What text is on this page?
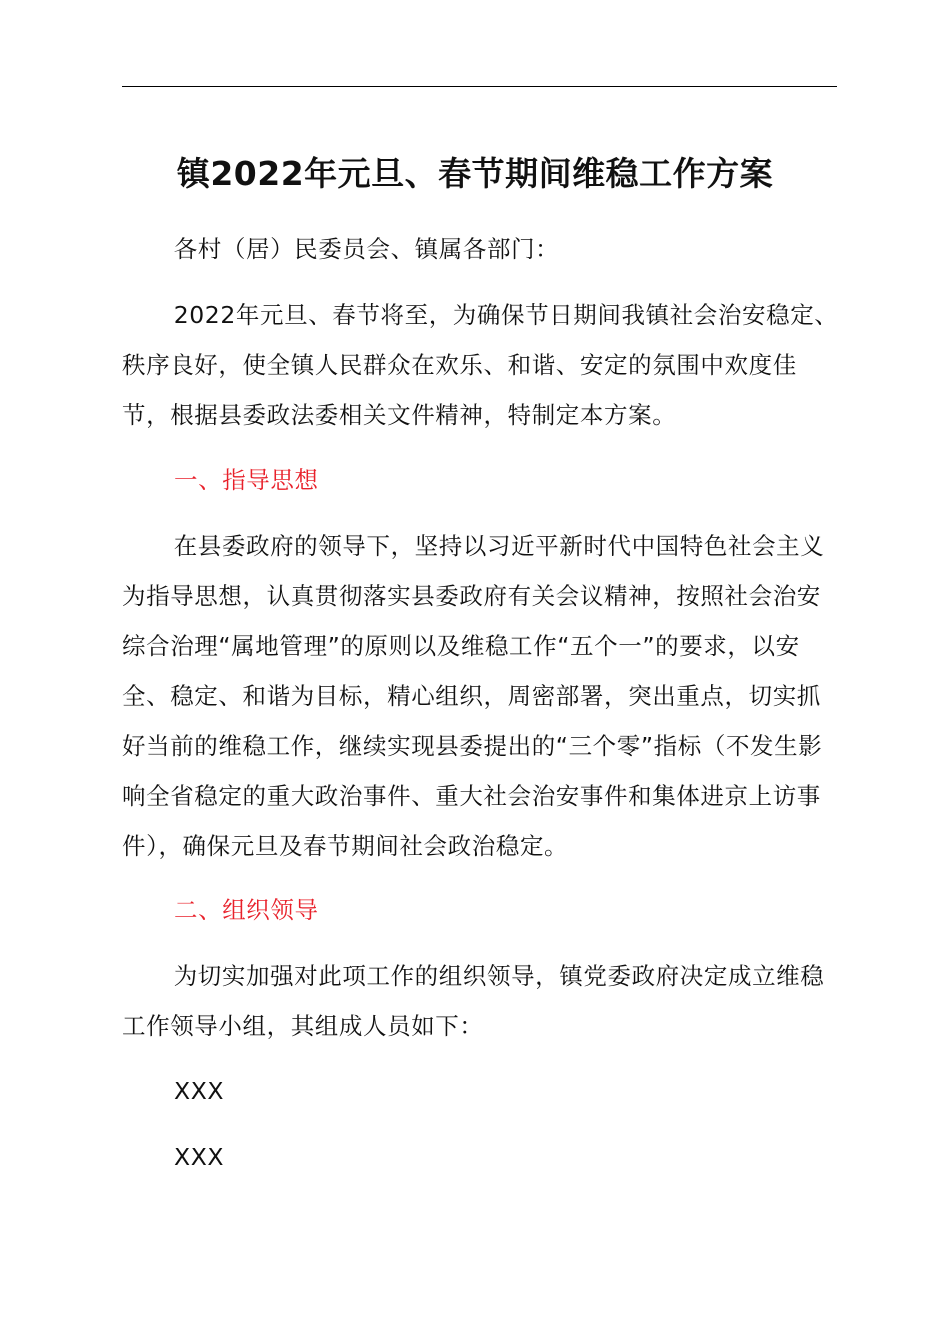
镇2022年元旦、春节期间维稳工作方案

各村（居）民委员会、镇属各部门：

2022年元旦、春节将至，为确保节日期间我镇社会治安稳定、秩序良好，使全镇人民群众在欢乐、和谐、安定的氛围中欢度佳节，根据县委政法委相关文件精神，特制定本方案。

一、指导思想

在县委政府的领导下，坚持以习近平新时代中国特色社会主义为指导思想，认真贯彻落实县委政府有关会议精神，按照社会治安综合治理“属地管理”的原则以及维稳工作“五个一”的要求，以安全、稳定、和谐为目标，精心组织，周密部署，突出重点，切实抓好当前的维稳工作，继续实现县委提出的“三个零”指标（不发生影响全省稳定的重大政治事件、重大社会治安事件和集体进京上访事件），确保元旦及春节期间社会政治稳定。

二、组织领导

为切实加强对此项工作的组织领导，镇党委政府决定成立维稳工作领导小组，其组成人员如下：

XXX
XXX
